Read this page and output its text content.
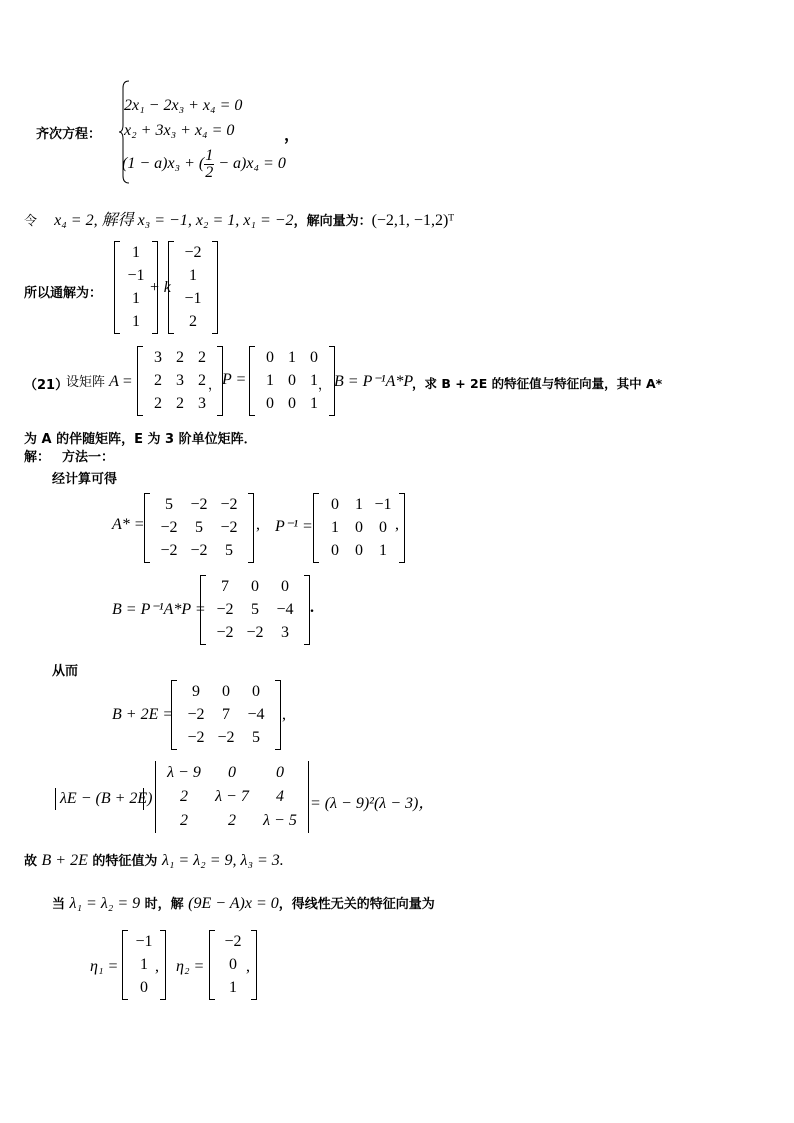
齐次方程：
2x₁ − 2x₃ + x₄ = 0
x₂ + 3x₃ + x₄ = 0
(1 − a)x₃ + ( $\frac{1}{2} - a)x_4 = 0$
，
令 x₄ = 2, 解得 x₃ = −1, x₂ = 1, x₁ = −2，解向量为：(−2,1, −1,2)ᵀ
所以通解为：
1
−1
1
1
+ k
−2
1
−1
2
（21）
设矩阵 A =
3 2 2
2 3 2
2 2 3
， P =
0 1 0
1 0 1
0 0 1
， B = P⁻¹A*P
，求 B + 2E 的特征值与特征向量，其中 A*
为 A 的伴随矩阵，E 为 3 阶单位矩阵．
解： 方法一：
经计算可得
A* =
5 −2 −2
−2 5 −2
−2 −2 5
, P⁻¹ =
0 1 −1
1 0 0
0 0 1
,
B = P⁻¹A*P =
7 0 0
−2 5 −4
−2 −2 3
.
从而
B + 2E =
9 0 0
−2 7 −4
−2 −2 5
,
λE − (B + 2E)
λ − 9 0	0
2 λ − 7 4
2	2 λ − 5
= (λ − 9)²(λ − 3)，
故 B + 2E 的特征值为 λ₁ = λ₂ = 9, λ₃ = 3.
当 λ₁ = λ₂ = 9 时，解 (9E − A)x = 0，得线性无关的特征向量为
η₁ =
−1
1
0
, η₂ =
−2
0
1
,
